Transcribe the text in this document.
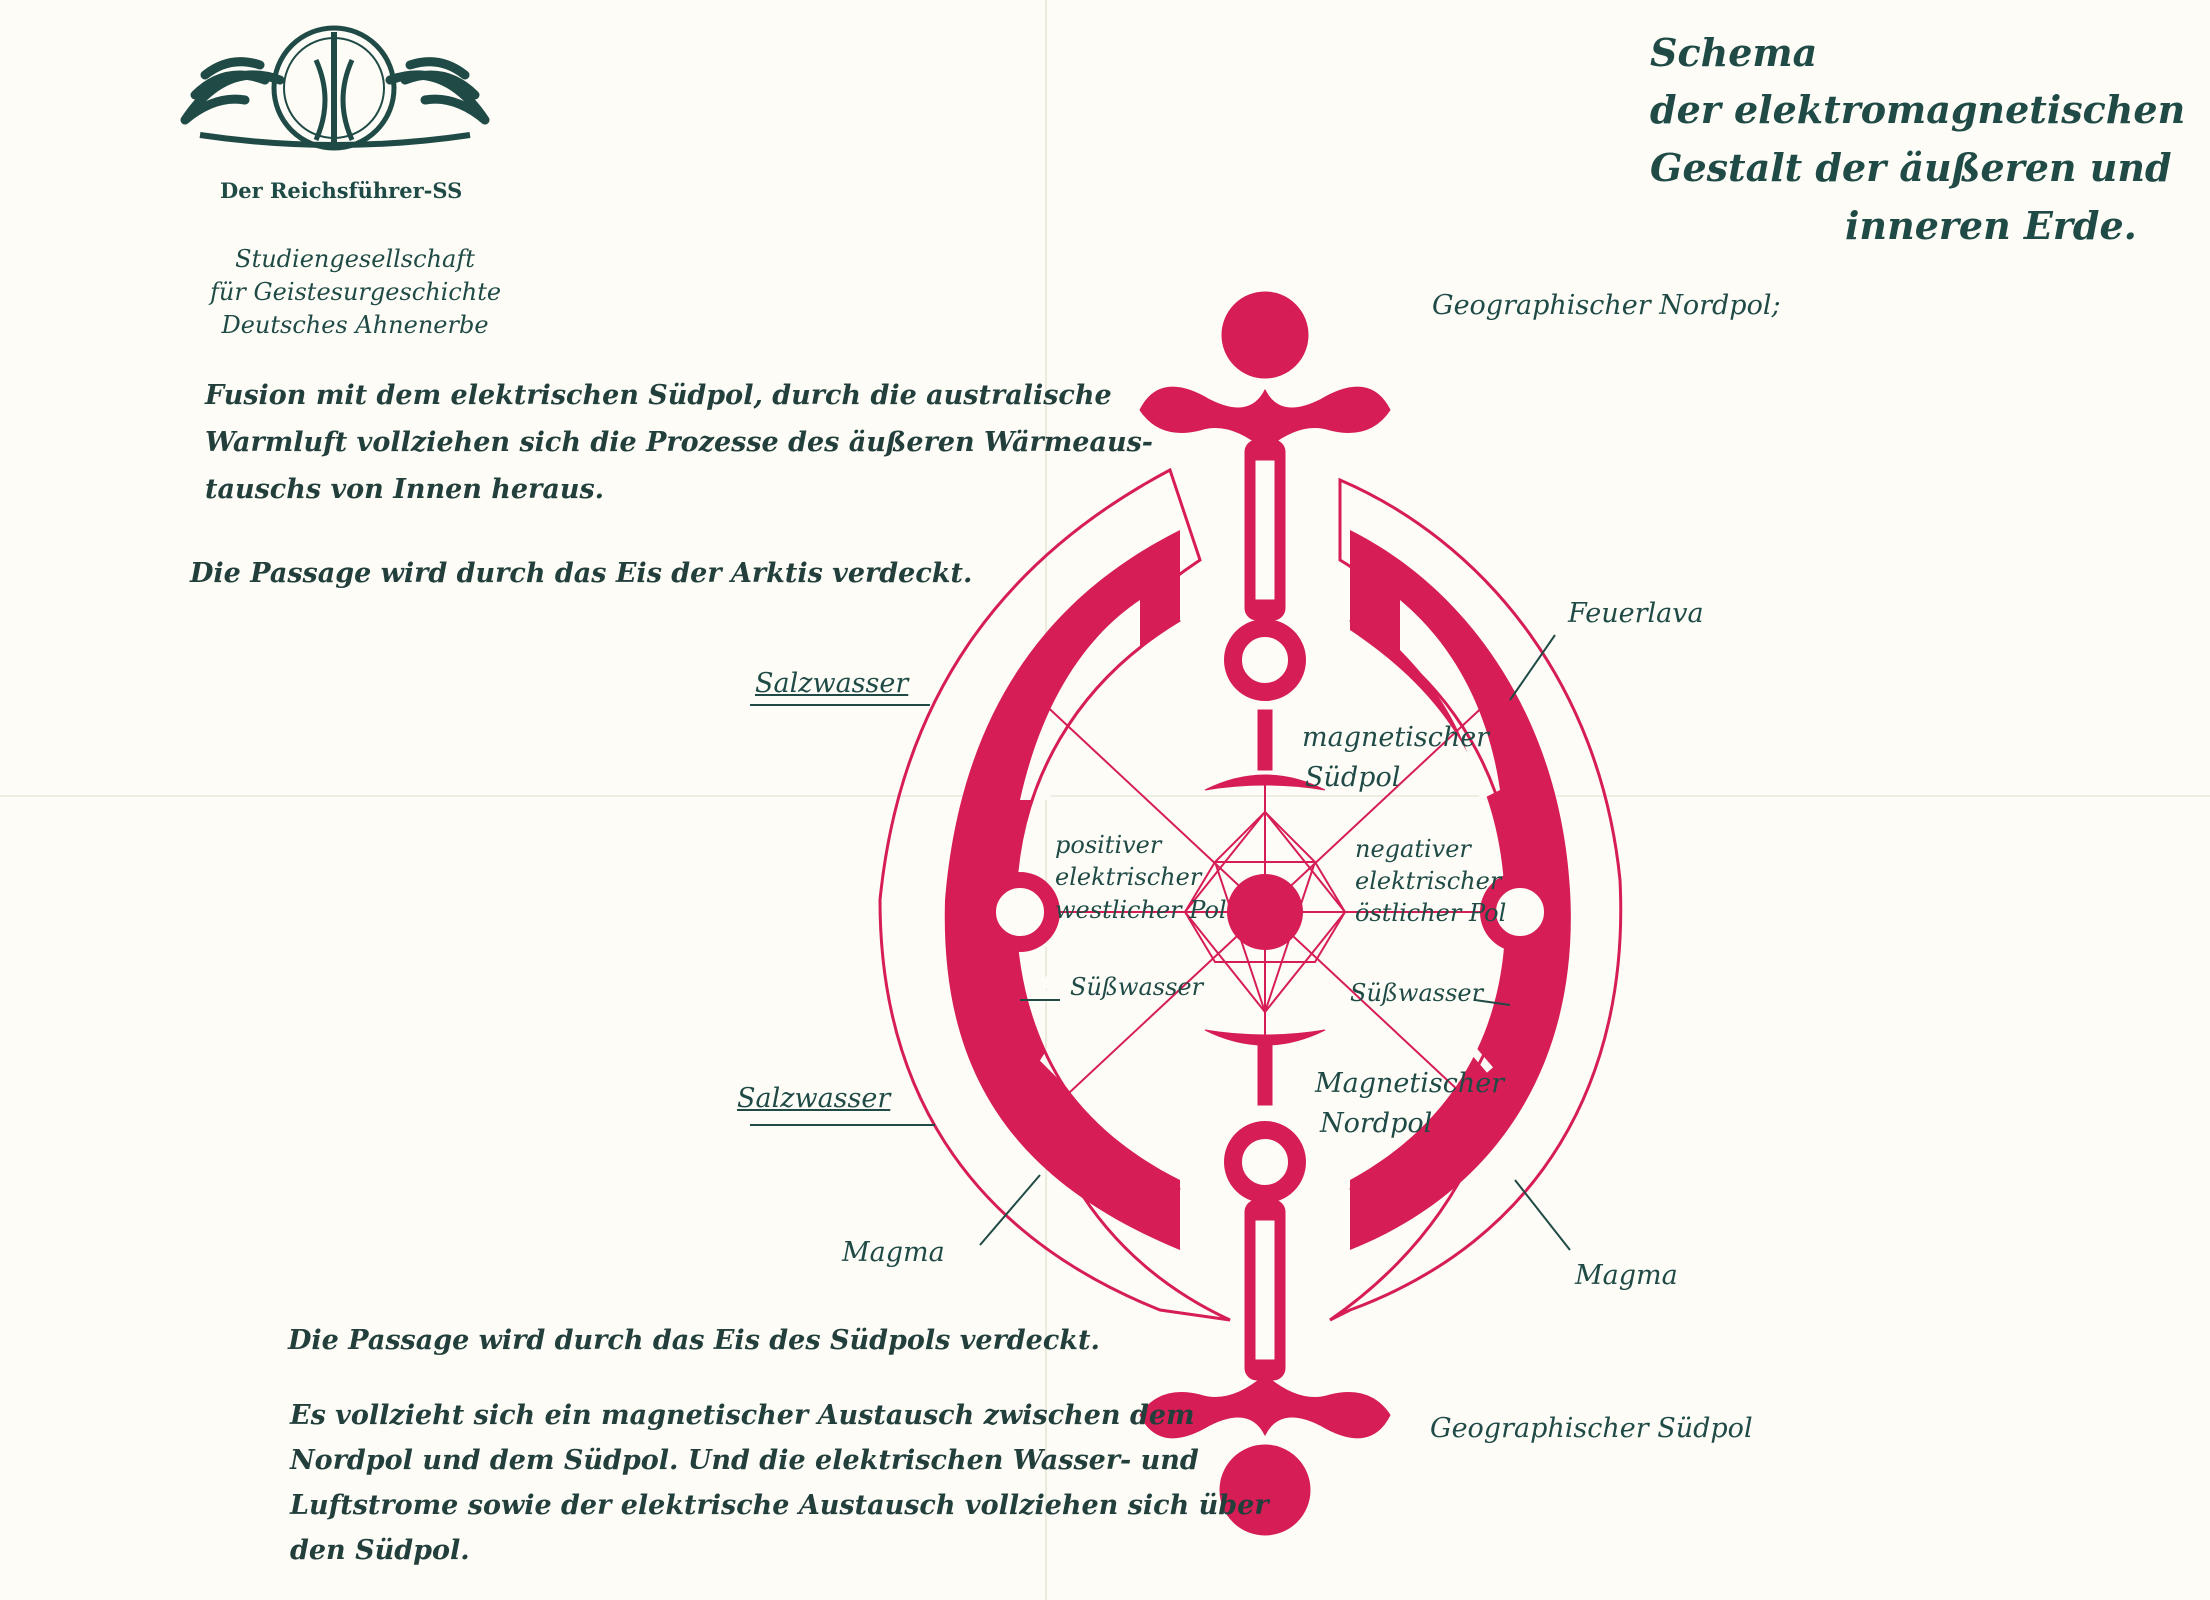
Der Reichsführer-SS
Studiengesellschaft
für Geistesurgeschichte
Deutsches Ahnenerbe
Schema
der elektromagnetischen
Gestalt der äußeren und
inneren Erde.
Fusion mit dem elektrischen Südpol, durch die australische
Warmluft vollziehen sich die Prozesse des äußeren Wärmeaus-
tauschs von Innen heraus.
Die Passage wird durch das Eis der Arktis verdeckt.
Die Passage wird durch das Eis des Südpols verdeckt.
Es vollzieht sich ein magnetischer Austausch zwischen dem
Nordpol und dem Südpol. Und die elektrischen Wasser- und
Luftstrome sowie der elektrische Austausch vollziehen sich über
den Südpol.
Geographischer Nordpol;
Geographischer Südpol
Feuerlava
Salzwasser
Salzwasser
magnetischer
Südpol
Magnetischer
Nordpol
positiver
elektrischer
westlicher Pol
negativer
elektrischer
östlicher Pol
Süßwasser	Süßwasser
Magma
Magma
